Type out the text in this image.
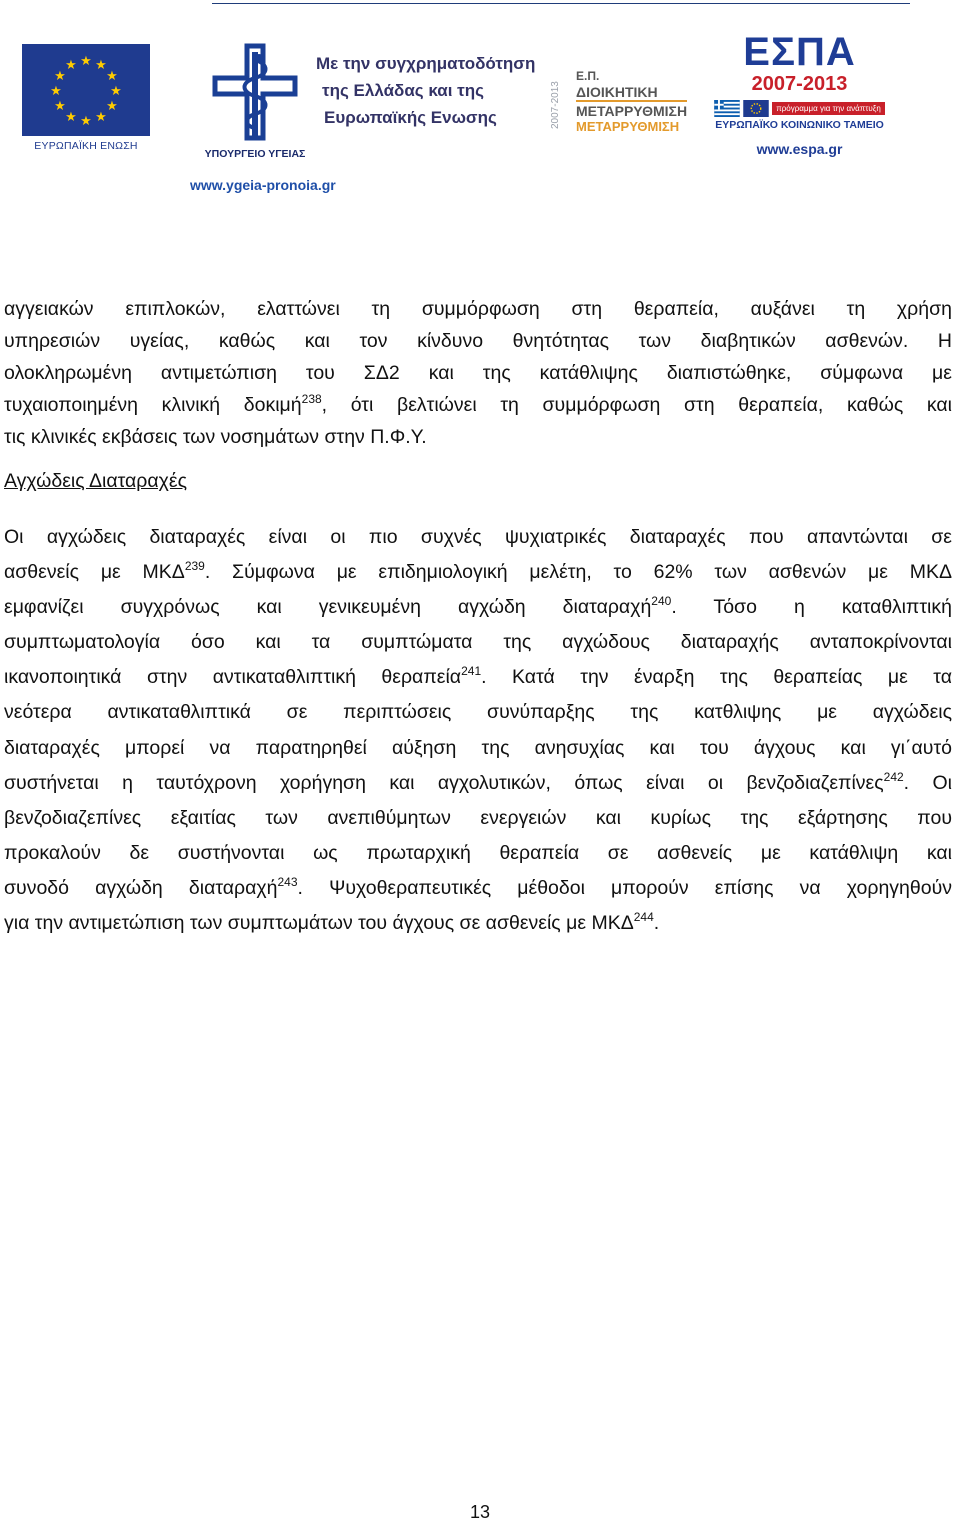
★ ★
★
★
★
★
★
★
★
★
★
★
ΕΥΡΩΠΑΪΚΗ ΕΝΩΣΗ
ΥΠΟΥΡΓΕΙΟ ΥΓΕΙΑΣ
Με την συγχρηματοδότηση
της Ελλάδας και της
Ευρωπαϊκής Ενωσης	2007-2013
Ε.Π.
ΔΙΟΙΚΗΤΙΚΗ
ΜΕΤΑΡΡΥΘΜΙΣΗ
ΜΕΤΑΡΡΥΘΜΙΣΗ
ΕΣΠΑ
2007-2013
πρόγραμμα για την ανάπτυξη
ΕΥΡΩΠΑΪΚΟ ΚΟΙΝΩΝΙΚΟ ΤΑΜΕΙΟ
www.espa.gr
www.ygeia-pronoia.gr

αγγειακών επιπλοκών, ελαττώνει τη συμμόρφωση στη θεραπεία, αυξάνει τη χρήση
υπηρεσιών υγείας, καθώς και τον κίνδυνο θνητότητας των διαβητικών ασθενών. Η
ολοκληρωμένη αντιμετώπιση του ΣΔ2 και της κατάθλιψης διαπιστώθηκε, σύμφωνα με
τυχαιοποιημένη κλινική δοκιμή$^{238}$, ότι βελτιώνει τη συμμόρφωση στη θεραπεία, καθώς και
τις κλινικές εκβάσεις των νοσημάτων στην Π.Φ.Υ.

Αγχώδεις Διαταραχές

Οι αγχώδεις διαταραχές είναι οι πιο συχνές ψυχιατρικές διαταραχές που απαντώνται σε
ασθενείς με ΜΚΔ$^{239}$. Σύμφωνα με επιδημιολογική μελέτη, το 62% των ασθενών με ΜΚΔ
εμφανίζει συγχρόνως και γενικευμένη αγχώδη διαταραχή$^{240}$. Τόσο η καταθλιπτική
συμπτωματολογία όσο και τα συμπτώματα της αγχώδους διαταραχής ανταποκρίνονται
ικανοποιητικά στην αντικαταθλιπτική θεραπεία$^{241}$. Κατά την έναρξη της θεραπείας με τα
νεότερα αντικαταθλιπτικά σε περιπτώσεις συνύπαρξης της κατθλιψης με αγχώδεις
διαταραχές μπορεί να παρατηρηθεί αύξηση της ανησυχίας και του άγχους και γι΄αυτό
συστήνεται η ταυτόχρονη χορήγηση και αγχολυτικών, όπως είναι οι βενζοδιαζεπίνες$^{242}$. Οι
βενζοδιαζεπίνες εξαιτίας των ανεπιθύμητων ενεργειών και κυρίως της εξάρτησης που
προκαλούν δε συστήνονται ως πρωταρχική θεραπεία σε ασθενείς με κατάθλιψη και
συνοδό αγχώδη διαταραχή$^{243}$. Ψυχοθεραπευτικές μέθοδοι μπορούν επίσης να χορηγηθούν
για την αντιμετώπιση των συμπτωμάτων του άγχους σε ασθενείς με ΜΚΔ$^{244}$.

13
